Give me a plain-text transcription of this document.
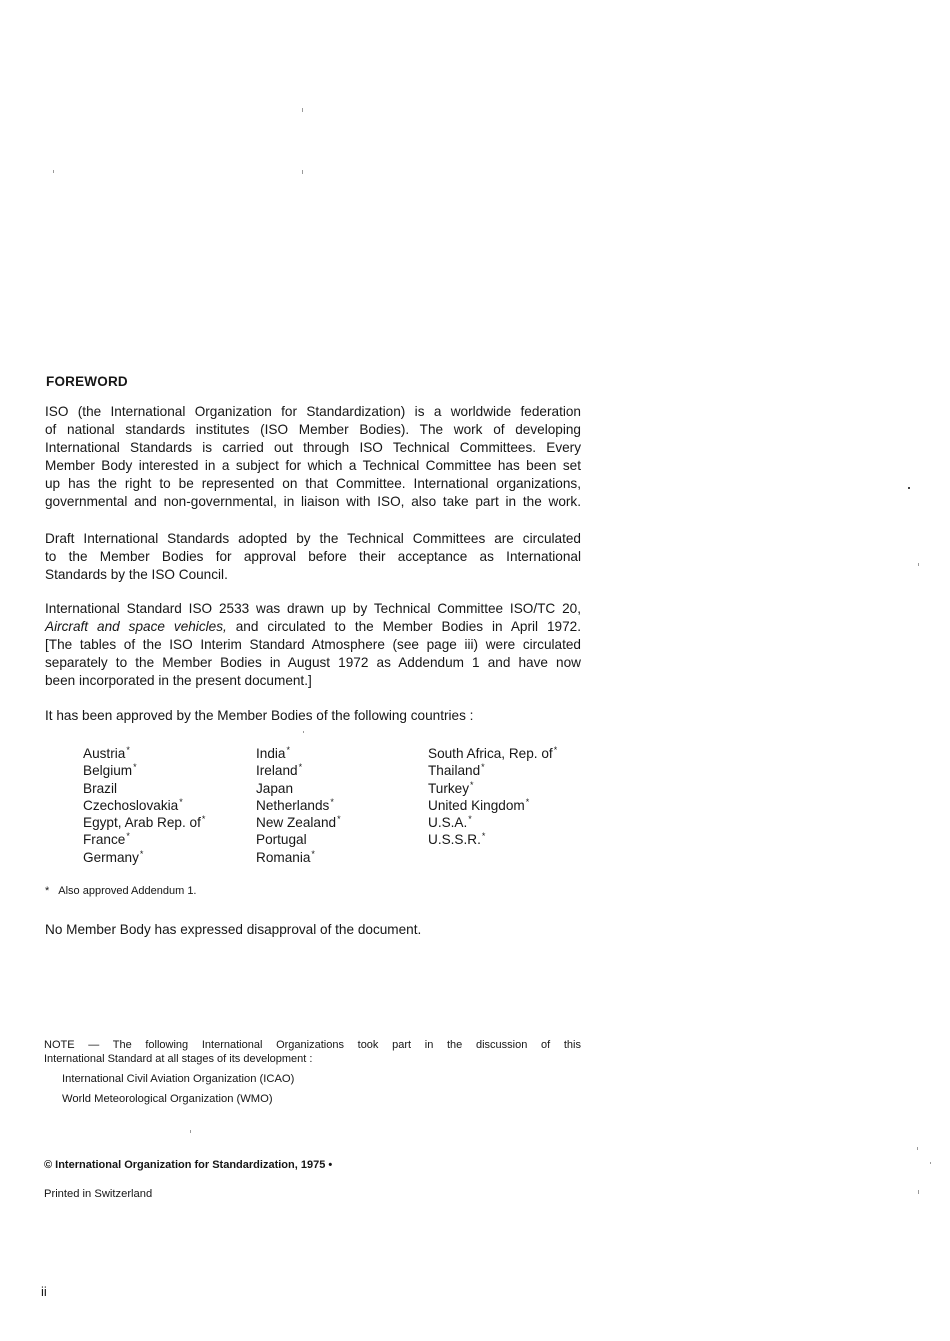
FOREWORD
ISO (the International Organization for Standardization) is a worldwide federation
of national standards institutes (ISO Member Bodies). The work of developing
International Standards is carried out through ISO Technical Committees. Every
Member Body interested in a subject for which a Technical Committee has been set
up has the right to be represented on that Committee. International organizations,
governmental and non-governmental, in liaison with ISO, also take part in the work.
Draft International Standards adopted by the Technical Committees are circulated
to the Member Bodies for approval before their acceptance as International
Standards by the ISO Council.
International Standard ISO 2533 was drawn up by Technical Committee ISO/TC 20,
Aircraft and space vehicles, and circulated to the Member Bodies in April 1972.
[The tables of the ISO Interim Standard Atmosphere (see page iii) were circulated
separately to the Member Bodies in August 1972 as Addendum 1 and have now
been incorporated in the present document.]
It has been approved by the Member Bodies of the following countries :
Austria*
Belgium*
Brazil
Czechoslovakia*
Egypt, Arab Rep. of*
France*
Germany*
India*
Ireland*
Japan
Netherlands*
New Zealand*
Portugal
Romania*
South Africa, Rep. of*
Thailand*
Turkey*
United Kingdom*
U.S.A.*
U.S.S.R.*
* Also approved Addendum 1.
No Member Body has expressed disapproval of the document.
NOTE — The following International Organizations took part in the discussion of this
International Standard at all stages of its development :
International Civil Aviation Organization (ICAO)
World Meteorological Organization (WMO)
© International Organization for Standardization, 1975 •
Printed in Switzerland
ii
